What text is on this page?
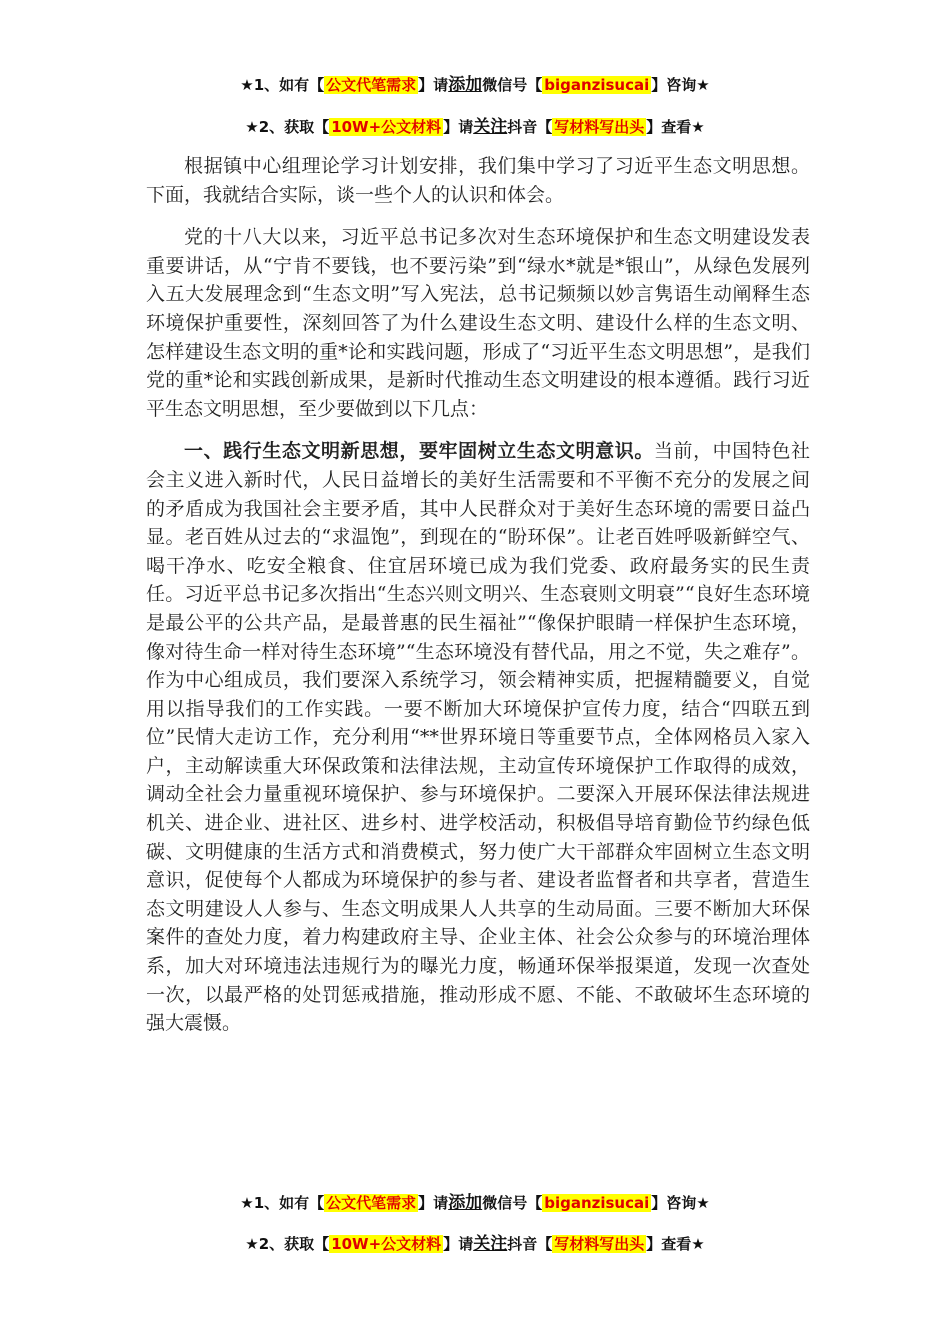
★1、如有【 公文代笔需求 】请添加微信号【 biganzisucai 】咨询★
★2、获取【 10W+公文材料 】请关注抖音【 写材料写出头 】查看★

根据镇中心组理论学习计划安排，我们集中学习了习近平生态文明思想。下面，我就结合实际，谈一些个人的认识和体会。

党的十八大以来，习近平总书记多次对生态环境保护和生态文明建设发表重要讲话，从“宁肯不要钱，也不要污染”到“绿水*就是*银山”，从绿色发展列入五大发展理念到“生态文明”写入宪法，总书记频频以妙言隽语生动阐释生态环境保护重要性，深刻回答了为什么建设生态文明、建设什么样的生态文明、怎样建设生态文明的重*论和实践问题，形成了“习近平生态文明思想”，是我们党的重*论和实践创新成果，是新时代推动生态文明建设的根本遵循。践行习近平生态文明思想，至少要做到以下几点：

一、践行生态文明新思想，要牢固树立生态文明意识。当前，中国特色社会主义进入新时代，人民日益增长的美好生活需要和不平衡不充分的发展之间的矛盾成为我国社会主要矛盾，其中人民群众对于美好生态环境的需要日益凸显。老百姓从过去的“求温饱”，到现在的“盼环保”。让老百姓呼吸新鲜空气、喝干净水、吃安全粮食、住宜居环境已成为我们党委、政府最务实的民生责任。习近平总书记多次指出“生态兴则文明兴、生态衰则文明衰”“良好生态环境是最公平的公共产品，是最普惠的民生福祉”“像保护眼睛一样保护生态环境，像对待生命一样对待生态环境”“生态环境没有替代品，用之不觉，失之难存”。作为中心组成员，我们要深入系统学习，领会精神实质，把握精髓要义，自觉用以指导我们的工作实践。一要不断加大环境保护宣传力度，结合“四联五到位”民情大走访工作，充分利用“**世界环境日等重要节点，全体网格员入家入户，主动解读重大环保政策和法律法规，主动宣传环境保护工作取得的成效，调动全社会力量重视环境保护、参与环境保护。二要深入开展环保法律法规进机关、进企业、进社区、进乡村、进学校活动，积极倡导培育勤俭节约绿色低碳、文明健康的生活方式和消费模式，努力使广大干部群众牢固树立生态文明意识，促使每个人都成为环境保护的参与者、建设者监督者和共享者，营造生态文明建设人人参与、生态文明成果人人共享的生动局面。三要不断加大环保案件的查处力度，着力构建政府主导、企业主体、社会公众参与的环境治理体系，加大对环境违法违规行为的曝光力度，畅通环保举报渠道，发现一次查处一次，以最严格的处罚惩戒措施，推动形成不愿、不能、不敢破坏生态环境的强大震慑。

★1、如有【 公文代笔需求 】请添加微信号【 biganzisucai 】咨询★
★2、获取【 10W+公文材料 】请关注抖音【 写材料写出头 】查看★
